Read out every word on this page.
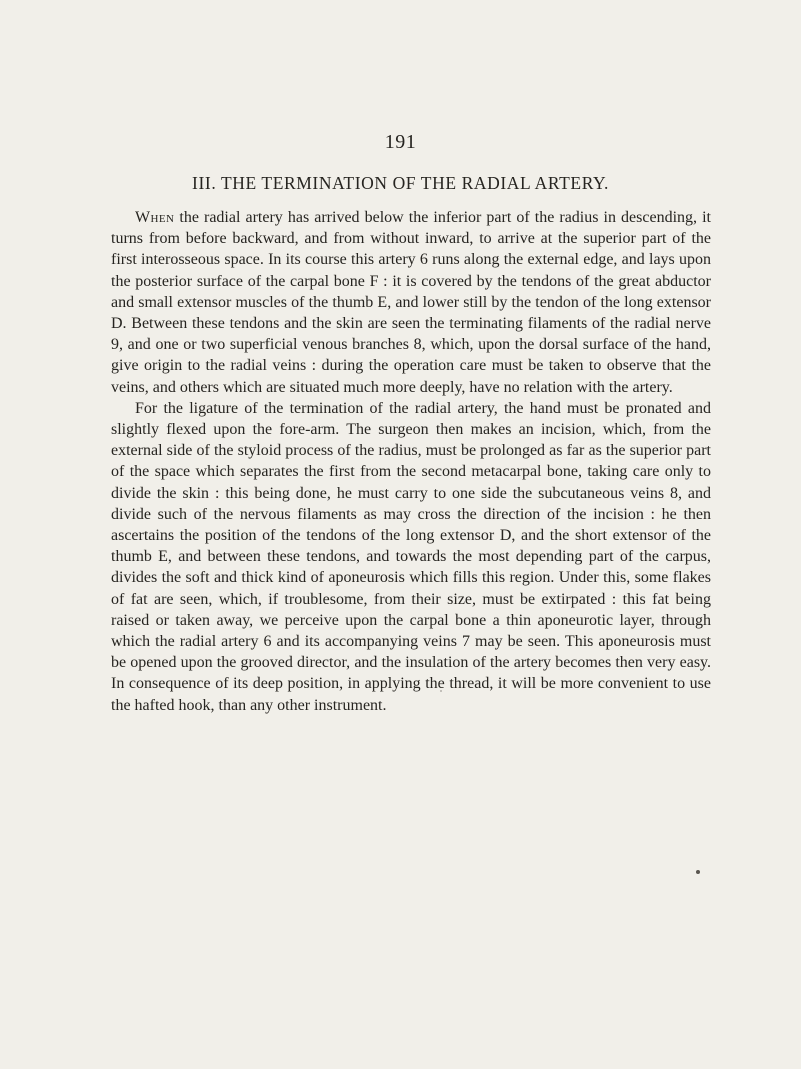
191
III. THE TERMINATION OF THE RADIAL ARTERY.

When the radial artery has arrived below the inferior part of the radius in descending, it turns from before backward, and from without inward, to arrive at the superior part of the first interosseous space. In its course this artery 6 runs along the external edge, and lays upon the posterior surface of the carpal bone F : it is covered by the tendons of the great abductor and small extensor muscles of the thumb E, and lower still by the tendon of the long extensor D. Between these tendons and the skin are seen the terminating filaments of the radial nerve 9, and one or two superficial venous branches 8, which, upon the dorsal surface of the hand, give origin to the radial veins : during the operation care must be taken to observe that the veins, and others which are situated much more deeply, have no relation with the artery.

For the ligature of the termination of the radial artery, the hand must be pronated and slightly flexed upon the fore-arm. The surgeon then makes an incision, which, from the external side of the styloid process of the radius, must be prolonged as far as the superior part of the space which separates the first from the second metacarpal bone, taking care only to divide the skin : this being done, he must carry to one side the subcutaneous veins 8, and divide such of the nervous filaments as may cross the direction of the incision : he then ascertains the position of the tendons of the long extensor D, and the short extensor of the thumb E, and between these tendons, and towards the most depending part of the carpus, divides the soft and thick kind of aponeurosis which fills this region. Under this, some flakes of fat are seen, which, if troublesome, from their size, must be extirpated : this fat being raised or taken away, we perceive upon the carpal bone a thin aponeurotic layer, through which the radial artery 6 and its accompanying veins 7 may be seen. This aponeurosis must be opened upon the grooved director, and the insulation of the artery becomes then very easy. In consequence of its deep position, in applying the thread, it will be more convenient to use the hafted hook, than any other instrument.
